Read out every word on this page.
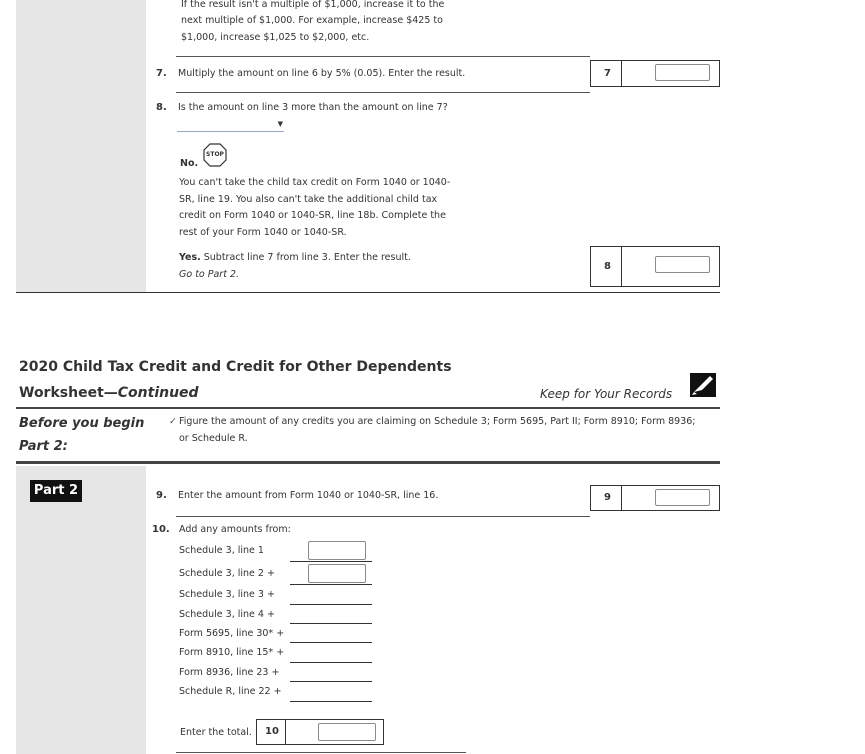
If the result isn't a multiple of $1,000, increase it to the
next multiple of $1,000. For example, increase $425 to
$1,000, increase $1,025 to $2,000, etc.
7. Multiply the amount on line 6 by 5% (0.05). Enter the result.	7
8. Is the amount on line 3 more than the amount on line 7?
▼
STOP
No.
You can't take the child tax credit on Form 1040 or 1040-
SR, line 19. You also can't take the additional child tax
credit on Form 1040 or 1040-SR, line 18b. Complete the
rest of your Form 1040 or 1040-SR.
Yes. Subtract line 7 from line 3. Enter the result.
Go to Part 2.
8
2020 Child Tax Credit and Credit for Other Dependents
Worksheet—Continued	Keep for Your Records
Before you begin
Part 2:
✓ Figure the amount of any credits you are claiming on Schedule 3; Form 5695, Part II; Form 8910; Form 8936;
or Schedule R.
Part 2	9. Enter the amount from Form 1040 or 1040-SR, line 16.	9
10. Add any amounts from:
Schedule 3, line 1
Schedule 3, line 2 +
Schedule 3, line 3 +
Schedule 3, line 4 +
Form 5695, line 30* +
Form 8910, line 15* +
Form 8936, line 23 +
Schedule R, line 22 +
Enter the total. 10
